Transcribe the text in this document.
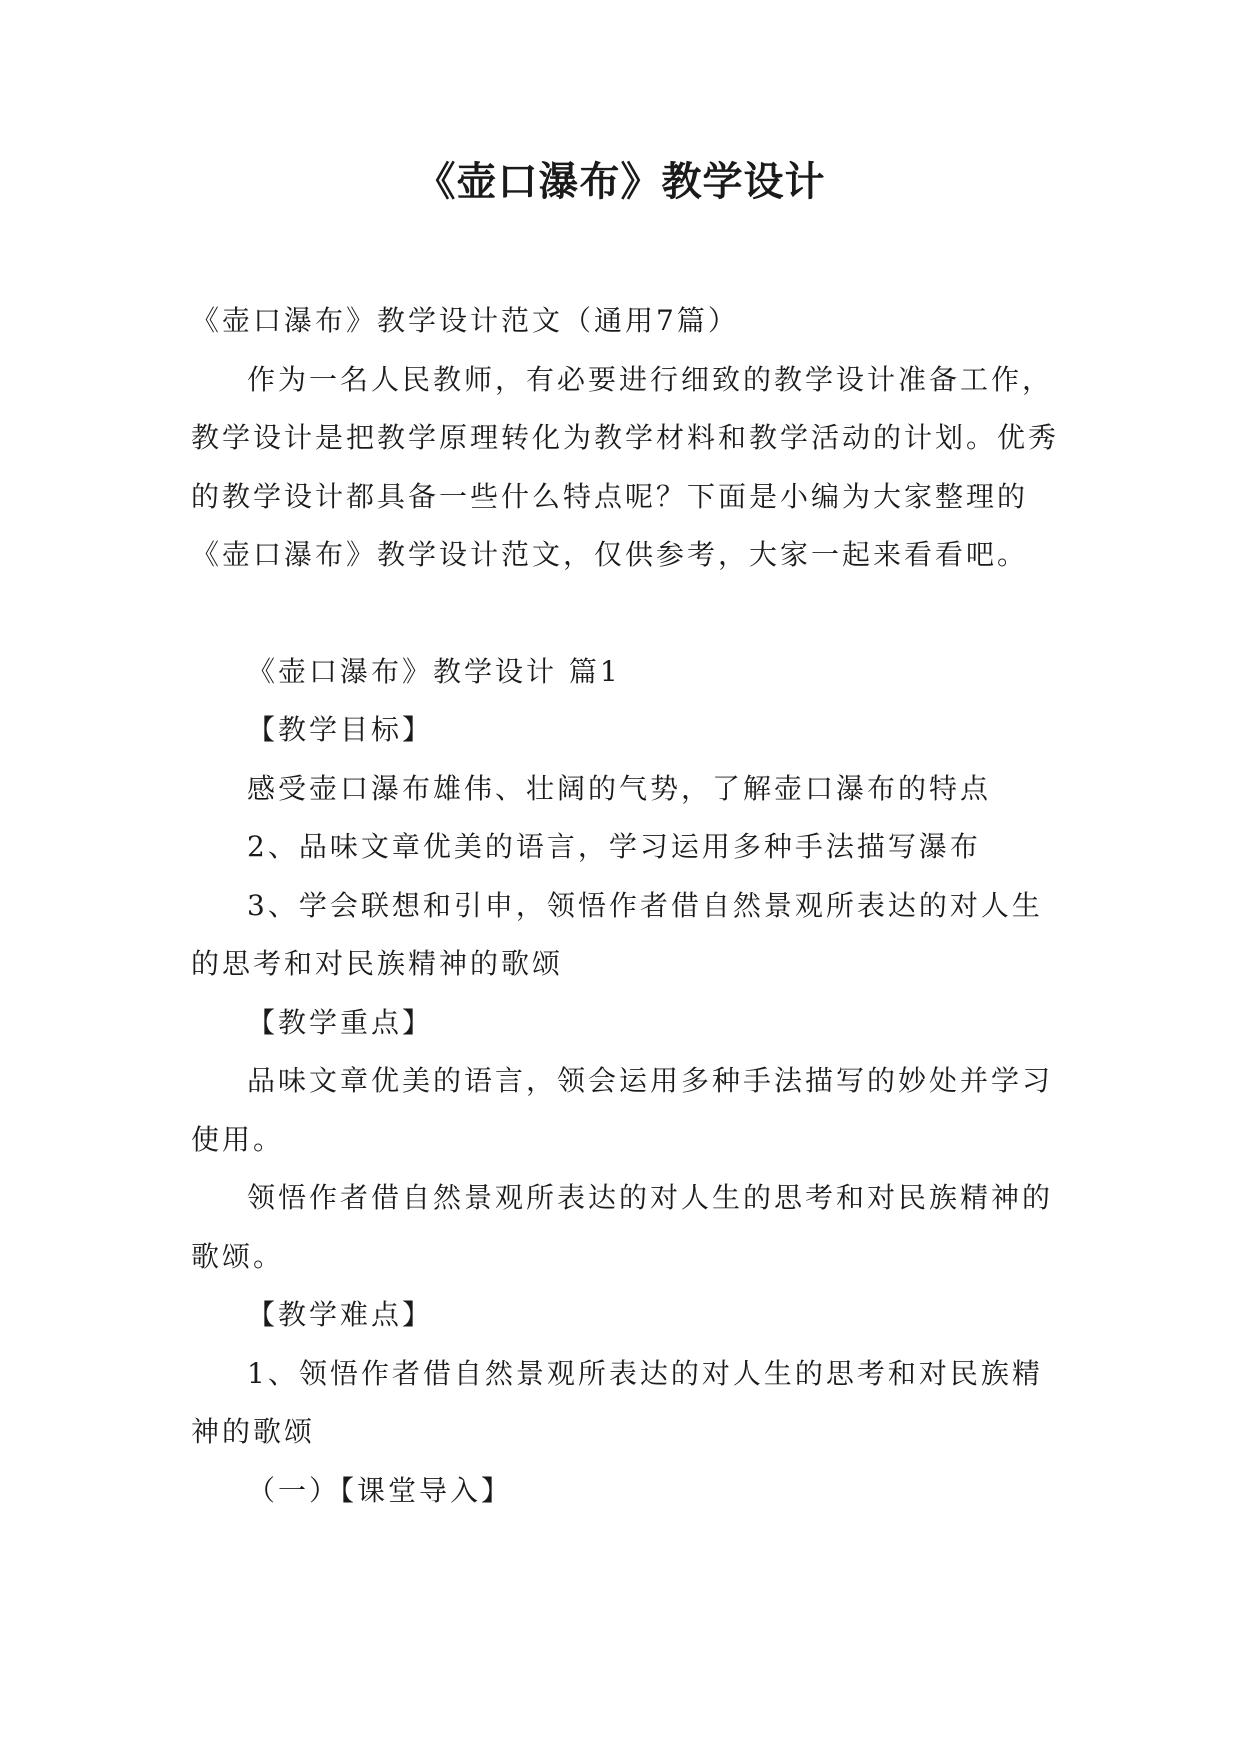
《壶口瀑布》教学设计

《壶口瀑布》教学设计范文（通用7篇）

作为一名人民教师，有必要进行细致的教学设计准备工作，教学设计是把教学原理转化为教学材料和教学活动的计划。优秀的教学设计都具备一些什么特点呢？下面是小编为大家整理的《壶口瀑布》教学设计范文，仅供参考，大家一起来看看吧。

《壶口瀑布》教学设计 篇1

【教学目标】

感受壶口瀑布雄伟、壮阔的气势，了解壶口瀑布的特点

2、品味文章优美的语言，学习运用多种手法描写瀑布

3、学会联想和引申，领悟作者借自然景观所表达的对人生的思考和对民族精神的歌颂

【教学重点】

品味文章优美的语言，领会运用多种手法描写的妙处并学习使用。

领悟作者借自然景观所表达的对人生的思考和对民族精神的歌颂。

【教学难点】

1、领悟作者借自然景观所表达的对人生的思考和对民族精神的歌颂

（一）【课堂导入】
